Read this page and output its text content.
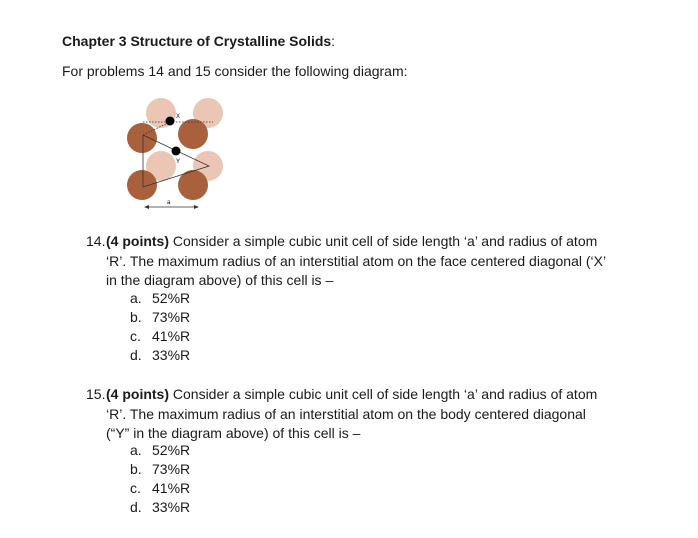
Chapter 3 Structure of Crystalline Solids:
For problems 14 and 15 consider the following diagram:
X
Y
a
14. (4 points) Consider a simple cubic unit cell of side length ‘a’ and radius of atom
‘R’. The maximum radius of an interstitial atom on the face centered diagonal (‘X’
in the diagram above) of this cell is –
a. 52%R
b. 73%R
c. 41%R
d. 33%R
15. (4 points) Consider a simple cubic unit cell of side length ‘a’ and radius of atom
‘R’. The maximum radius of an interstitial atom on the body centered diagonal
(“Y” in the diagram above) of this cell is –
a. 52%R
b. 73%R
c. 41%R
d. 33%R
